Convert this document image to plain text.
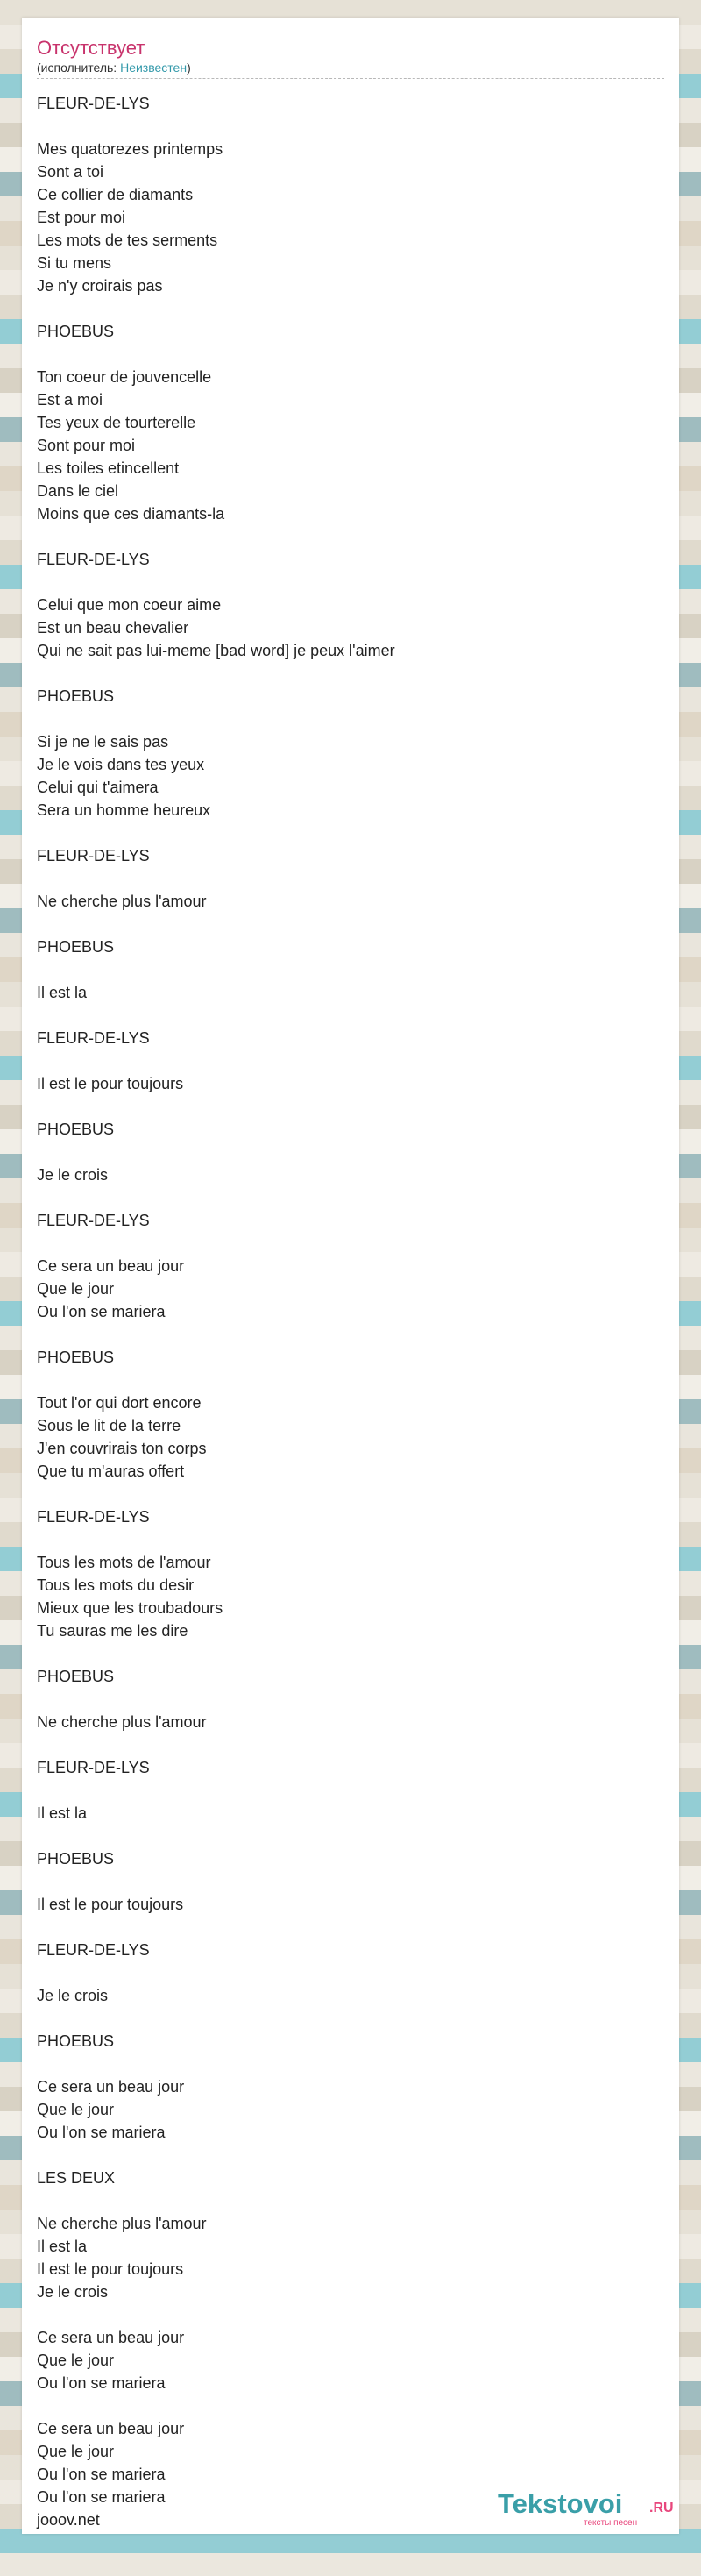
Отсутствует
(исполнитель: Неизвестен)
FLEUR-DE-LYS
Mes quatorezes printemps
Sont a toi
Ce collier de diamants
Est pour moi
Les mots de tes serments
Si tu mens
Je n'y croirais pas
PHOEBUS
Ton coeur de jouvencelle
Est a moi
Tes yeux de tourterelle
Sont pour moi
Les toiles etincellent
Dans le ciel
Moins que ces diamants-la
FLEUR-DE-LYS
Celui que mon coeur aime
Est un beau chevalier
Qui ne sait pas lui-meme [bad word] je peux l'aimer
PHOEBUS
Si je ne le sais pas
Je le vois dans tes yeux
Celui qui t'aimera
Sera un homme heureux
FLEUR-DE-LYS
Ne cherche plus l'amour
PHOEBUS
Il est la
FLEUR-DE-LYS
Il est le pour toujours
PHOEBUS
Je le crois
FLEUR-DE-LYS
Ce sera un beau jour
Que le jour
Ou l'on se mariera
PHOEBUS
Tout l'or qui dort encore
Sous le lit de la terre
J'en couvrirais ton corps
Que tu m'auras offert
FLEUR-DE-LYS
Tous les mots de l'amour
Tous les mots du desir
Mieux que les troubadours
Tu sauras me les dire
PHOEBUS
Ne cherche plus l'amour
FLEUR-DE-LYS
Il est la
PHOEBUS
Il est le pour toujours
FLEUR-DE-LYS
Je le crois
PHOEBUS
Ce sera un beau jour
Que le jour
Ou l'on se mariera
LES DEUX
Ne cherche plus l'amour
Il est la
Il est le pour toujours
Je le crois
Ce sera un beau jour
Que le jour
Ou l'on se mariera
Ce sera un beau jour
Que le jour
Ou l'on se mariera
Ou l'on se mariera
jooov.net
Tekstovoi .RU
тексты песен
